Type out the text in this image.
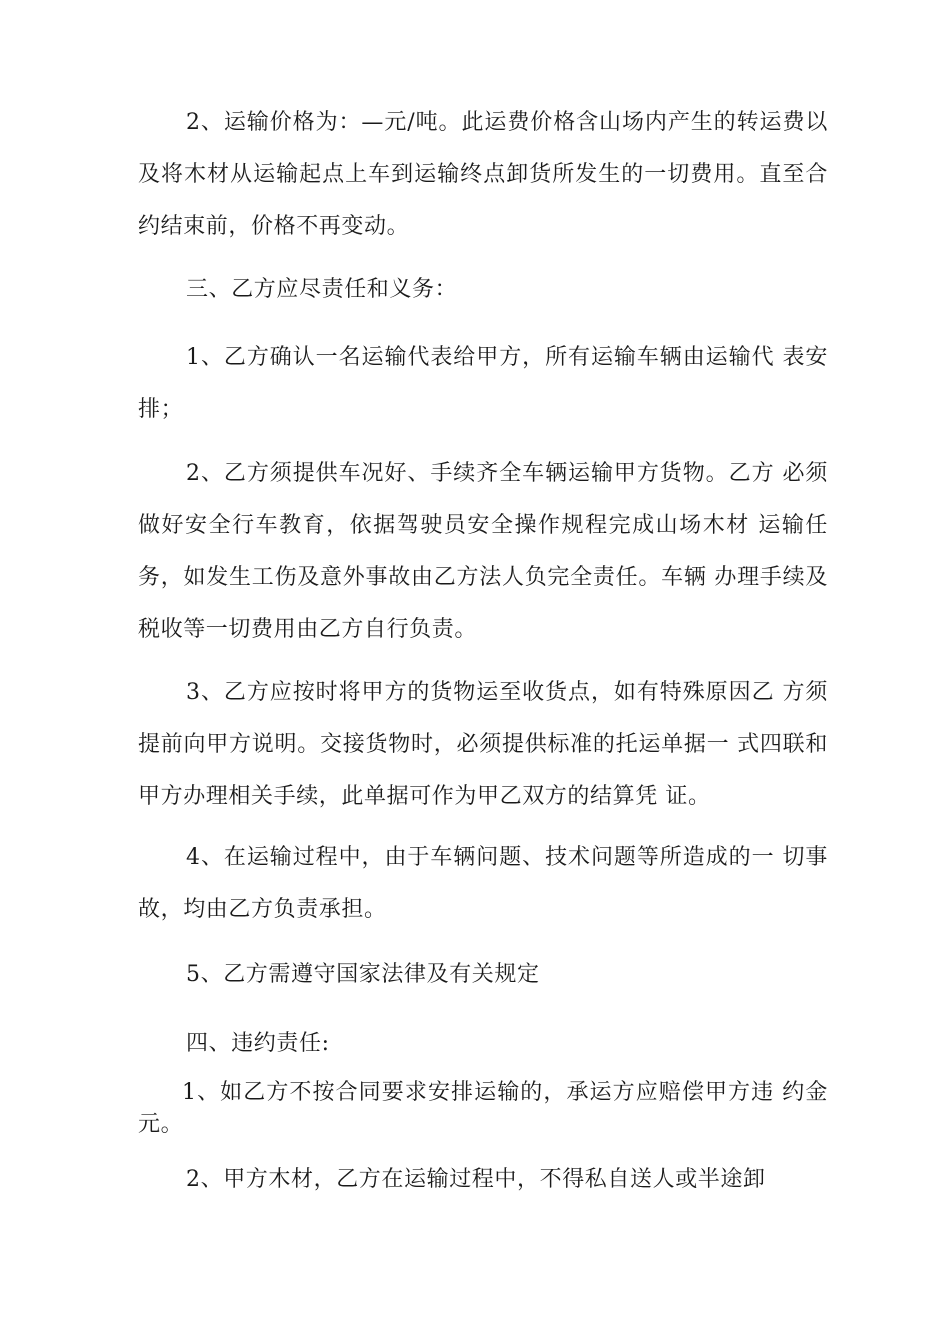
2、运输价格为：—元/吨。此运费价格含山场内产生的转运费以及将木材从运输起点上车到运输终点卸货所发生的一切费用。直至合约结束前，价格不再变动。

三、乙方应尽责任和义务：

1、乙方确认一名运输代表给甲方，所有运输车辆由运输代 表安排；

2、乙方须提供车况好、手续齐全车辆运输甲方货物。乙方 必须做好安全行车教育，依据驾驶员安全操作规程完成山场木材 运输任务，如发生工伤及意外事故由乙方法人负完全责任。车辆 办理手续及税收等一切费用由乙方自行负责。

3、乙方应按时将甲方的货物运至收货点，如有特殊原因乙 方须提前向甲方说明。交接货物时，必须提供标准的托运单据一 式四联和甲方办理相关手续，此单据可作为甲乙双方的结算凭 证。

4、在运输过程中，由于车辆问题、技术问题等所造成的一 切事故，均由乙方负责承担。

5、乙方需遵守国家法律及有关规定

四、违约责任:

1、如乙方不按合同要求安排运输的，承运方应赔偿甲方违 约金 元。

2、甲方木材，乙方在运输过程中，不得私自送人或半途卸
